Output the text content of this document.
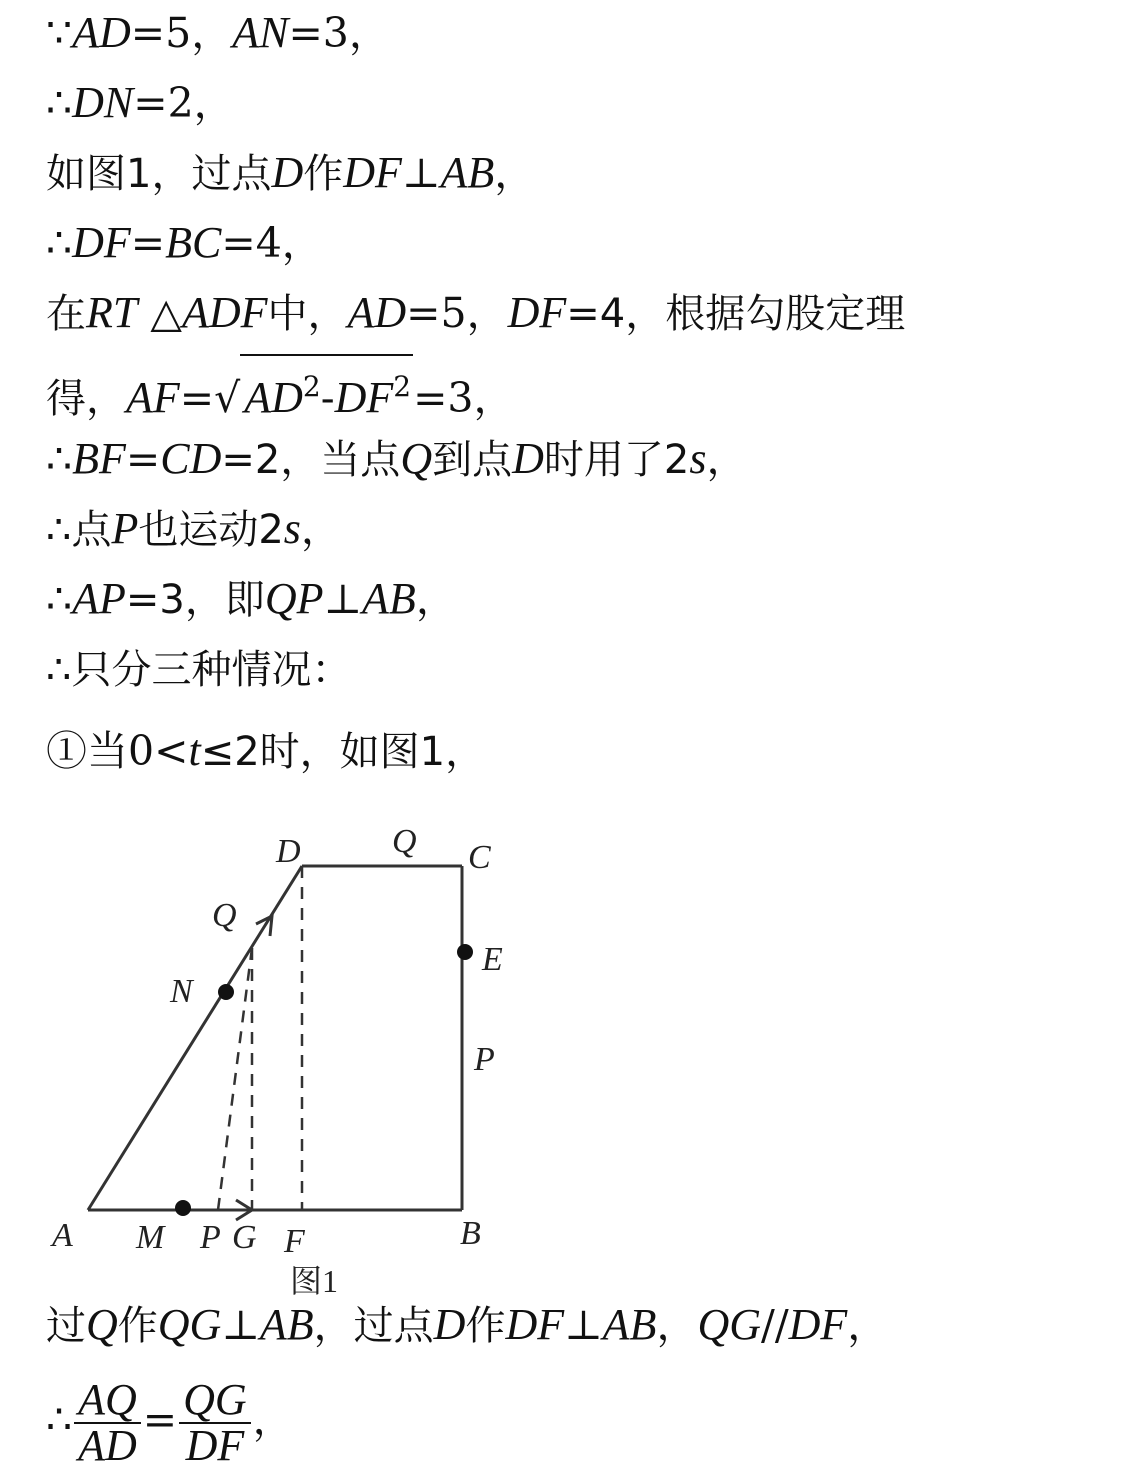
∵AD=5，AN=3，
∴DN=2，
如图1，过点D作DF⊥AB，
∴DF=BC=4，
在RT △ADF中，AD=5，DF=4，根据勾股定理
得，$AF=√AD^2-DF^2=3$，
∴BF=CD=2，当点Q到点D时用了2s，
∴点P也运动2s，
∴AP=3，即QP⊥AB，
∴只分三种情况：
①当0<t≤2时，如图1，
过Q作QG⊥AB，过点D作DF⊥AB，QG//DF，
∴ $\frac{AQ}{AD} = \frac{QG}{DF}$ ，
D	Q C
Q
E
N
P
A M P G F	B
图1
